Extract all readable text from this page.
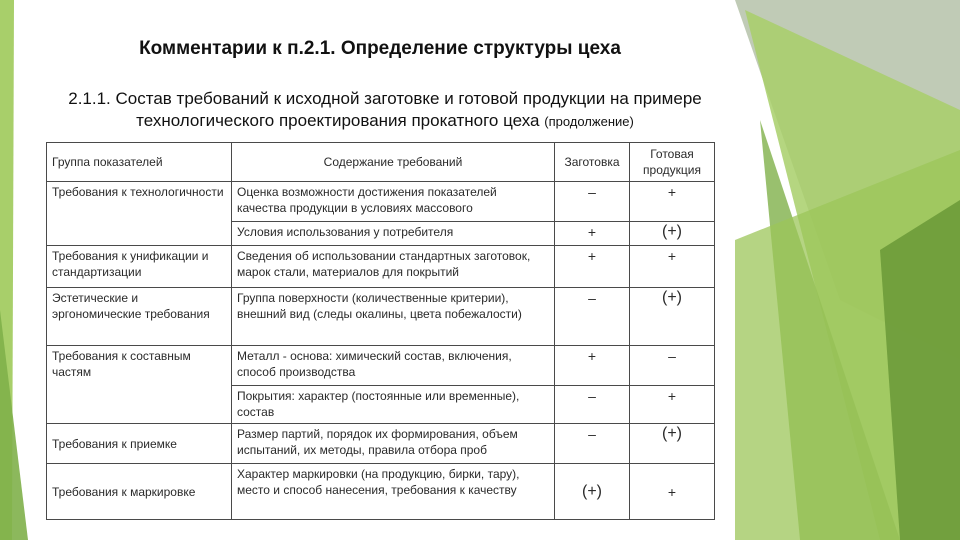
Комментарии к п.2.1. Определение структуры цеха
2.1.1. Состав требований к исходной заготовке и готовой продукции на примере
технологического проектирования прокатного цеха (продолжение)
Группа показателей	Содержание требований	Заготовка	Готовая продукция
Требования к технологичности	Оценка возможности достижения показателей качества продукции в условиях массового	–	+
	Условия использования у потребителя	+	(+)
Требования к унификации и стандартизации	Сведения об использовании стандартных заготовок, марок стали, материалов для покрытий	+	+
Эстетические и эргономические требования	Группа поверхности (количественные критерии), внешний вид (следы окалины, цвета побежалости)	–	(+)
Требования к составным частям	Металл - основа: химический состав, включения, способ производства	+	–
	Покрытия: характер (постоянные или временные), состав	–	+
Требования к приемке	Размер партий, порядок их формирования, объем испытаний, их методы, правила отбора проб	–	(+)
Требования к маркировке	Характер маркировки (на продукцию, бирки, тару), место и способ нанесения, требования к качеству	(+)	+
